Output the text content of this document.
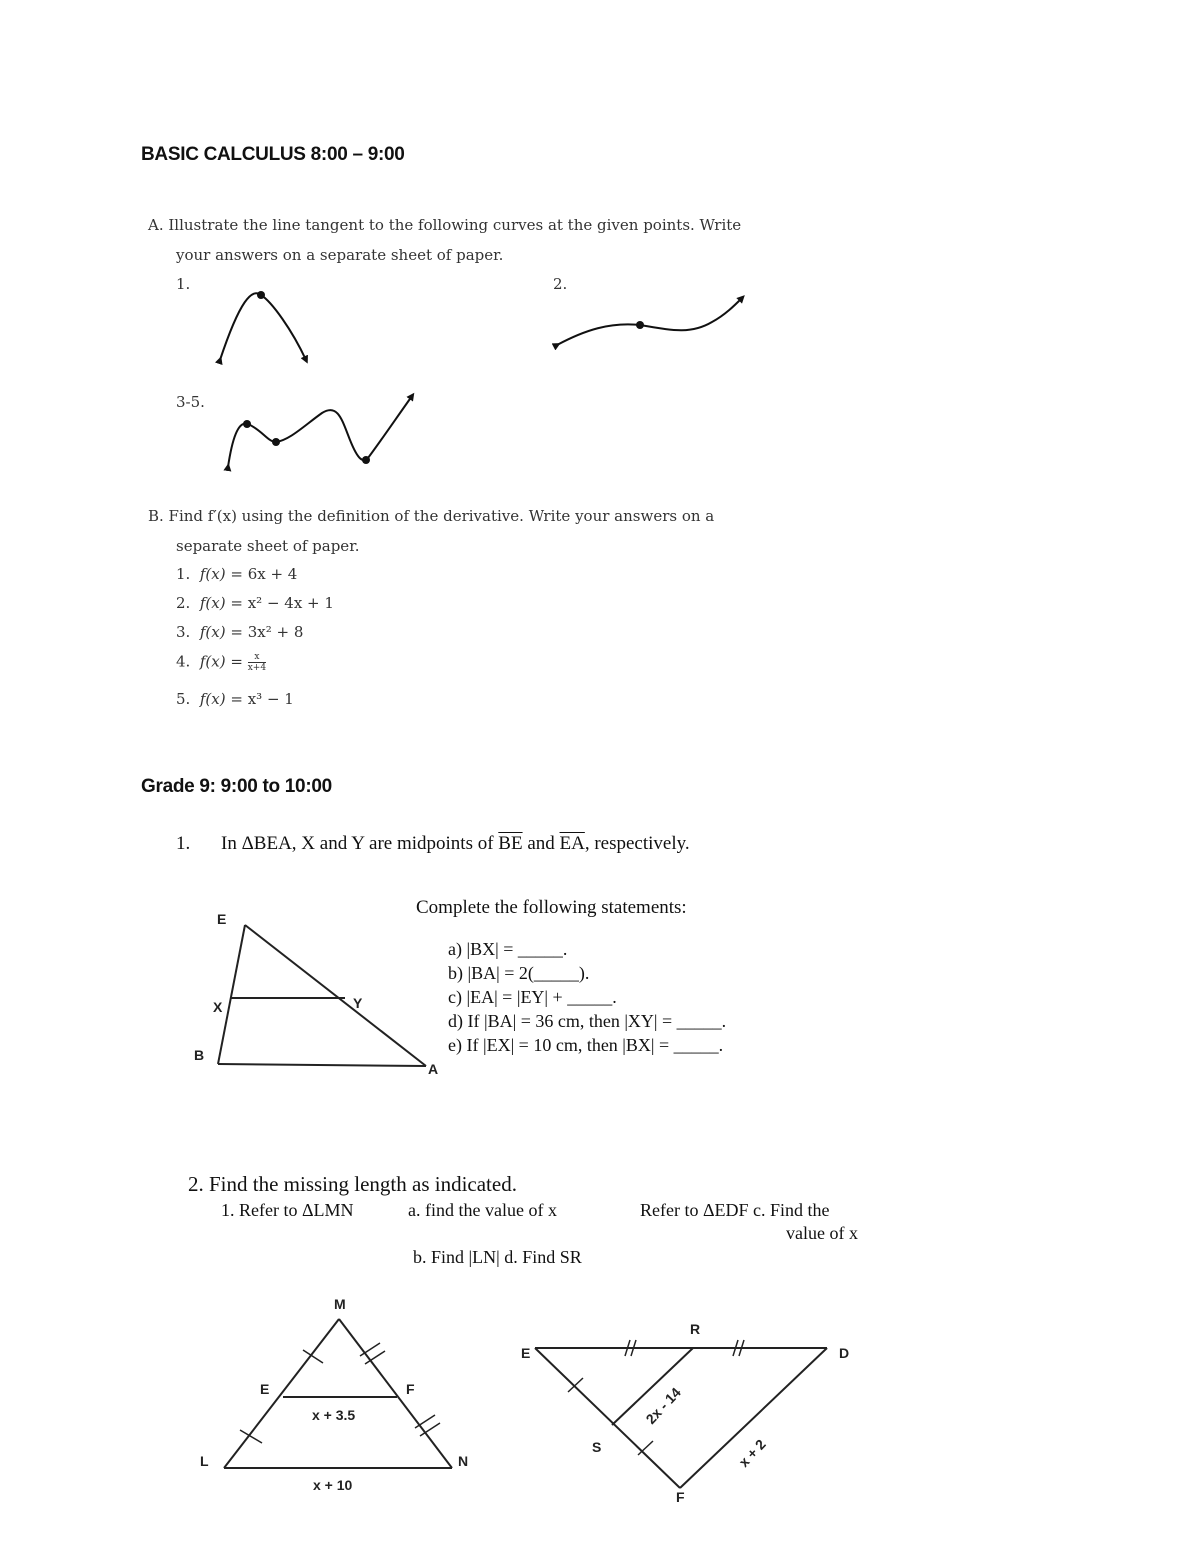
BASIC CALCULUS 8:00 – 9:00
A. Illustrate the line tangent to the following curves at the given points. Write
your answers on a separate sheet of paper.
1.	2.
3-5.
B. Find f′(x) using the definition of the derivative. Write your answers on a
separate sheet of paper.
1. f(x) = 6x + 4
2. f(x) = x² − 4x + 1
3. f(x) = 3x² + 8
4. $f(x) = \frac{x}{x+4}$
5. f(x) = x³ − 1
Grade 9: 9:00 to 10:00
1. In ΔBEA, X and Y are midpoints of $\overline{BE}$ and $\overline{EA}$, respectively.
Complete the following statements:
a) |BX| = _____.
b) |BA| = 2(_____).
c) |EA| = |EY| + _____.
d) If |BA| = 36 cm, then |XY| = _____.
e) If |EX| = 10 cm, then |BX| = _____.
E
X	Y
B
A
2. Find the missing length as indicated.
1. Refer to ΔLMN	a. find the value of x	Refer to ΔEDF c. Find the
value of x
b. Find |LN| d. Find SR
M
E	F
L	N
x + 3.5
x + 10
E
R
D
S
F
2x - 14
x + 2
